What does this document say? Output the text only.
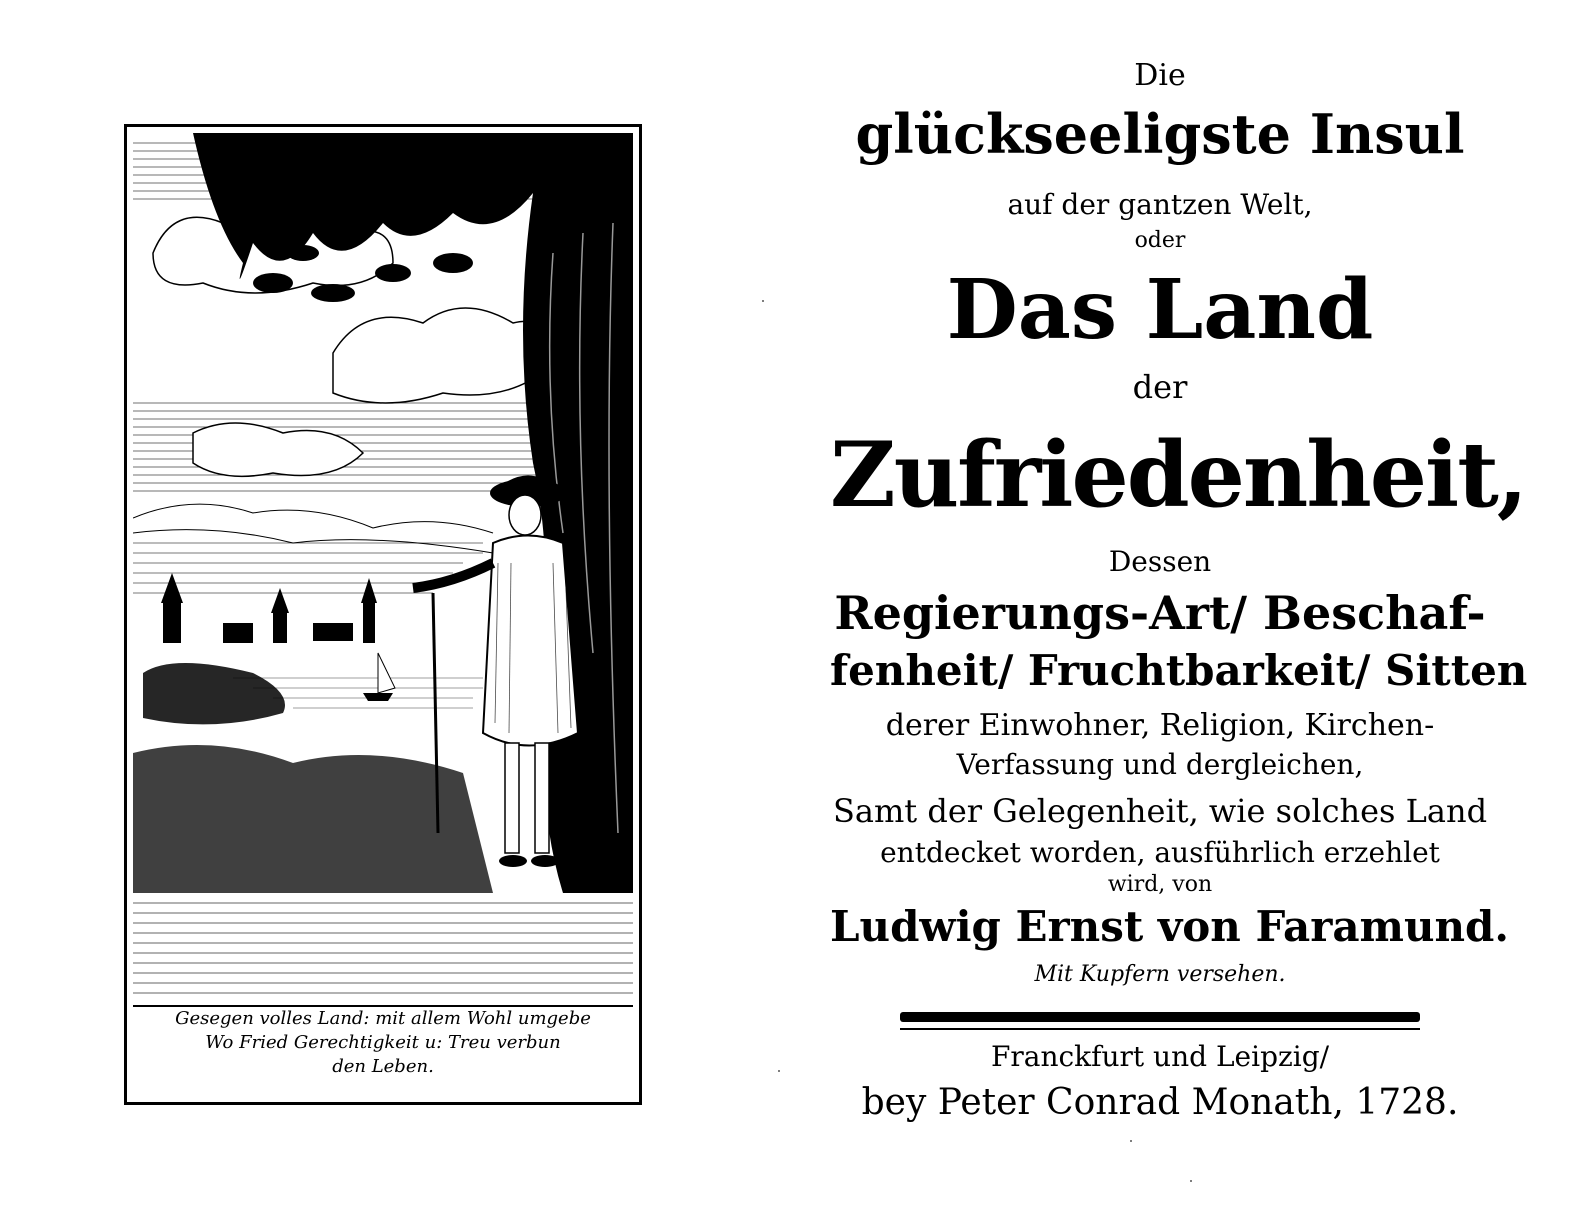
Gesegen volles Land: mit allem Wohl umgebe
Wo Fried Gerechtigkeit u: Treu verbun
den Leben.
Die
glückseeligste Insul
auf der gantzen Welt,
oder
Das Land
der
Zufriedenheit,
Dessen
Regierungs-Art/ Beschaf-
fenheit/ Fruchtbarkeit/ Sitten
derer Einwohner, Religion, Kirchen-
Verfassung und dergleichen,
Samt der Gelegenheit, wie solches Land
entdecket worden, ausführlich erzehlet
wird, von
Ludwig Ernst von Faramund.
Mit Kupfern versehen.
Franckfurt und Leipzig/
bey Peter Conrad Monath, 1728.
